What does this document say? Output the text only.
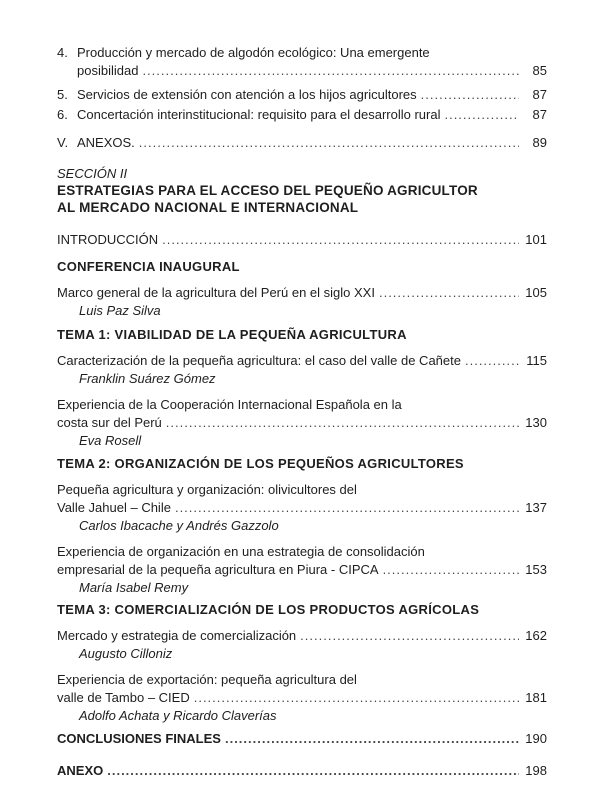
4. Producción y mercado de algodón ecológico: Una emergente
posibilidad .....	85
5. Servicios de extensión con atención a los hijos agricultores .....	87
6. Concertación interinstitucional: requisito para el desarrollo rural .....	87
V. ANEXOS. .....	89
SECCIÓN II
ESTRATEGIAS PARA EL ACCESO DEL PEQUEÑO AGRICULTOR
AL MERCADO NACIONAL E INTERNACIONAL
INTRODUCCIÓN .....	101
CONFERENCIA INAUGURAL
Marco general de la agricultura del Perú en el siglo XXI .....	105
Luis Paz Silva
TEMA 1: VIABILIDAD DE LA PEQUEÑA AGRICULTURA
Caracterización de la pequeña agricultura: el caso del valle de Cañete .....	115
Franklin Suárez Gómez
Experiencia de la Cooperación Internacional Española en la
costa sur del Perú .....	130
Eva Rosell
TEMA 2: ORGANIZACIÓN DE LOS PEQUEÑOS AGRICULTORES
Pequeña agricultura y organización: olivicultores del
Valle Jahuel – Chile .....	137
Carlos Ibacache y Andrés Gazzolo
Experiencia de organización en una estrategia de consolidación
empresarial de la pequeña agricultura en Piura - CIPCA .....	153
María Isabel Remy
TEMA 3: COMERCIALIZACIÓN DE LOS PRODUCTOS AGRÍCOLAS
Mercado y estrategia de comercialización .....	162
Augusto Cilloniz
Experiencia de exportación: pequeña agricultura del
valle de Tambo – CIED .....	181
Adolfo Achata y Ricardo Claverías
CONCLUSIONES FINALES .....	190
ANEXO .....	198
